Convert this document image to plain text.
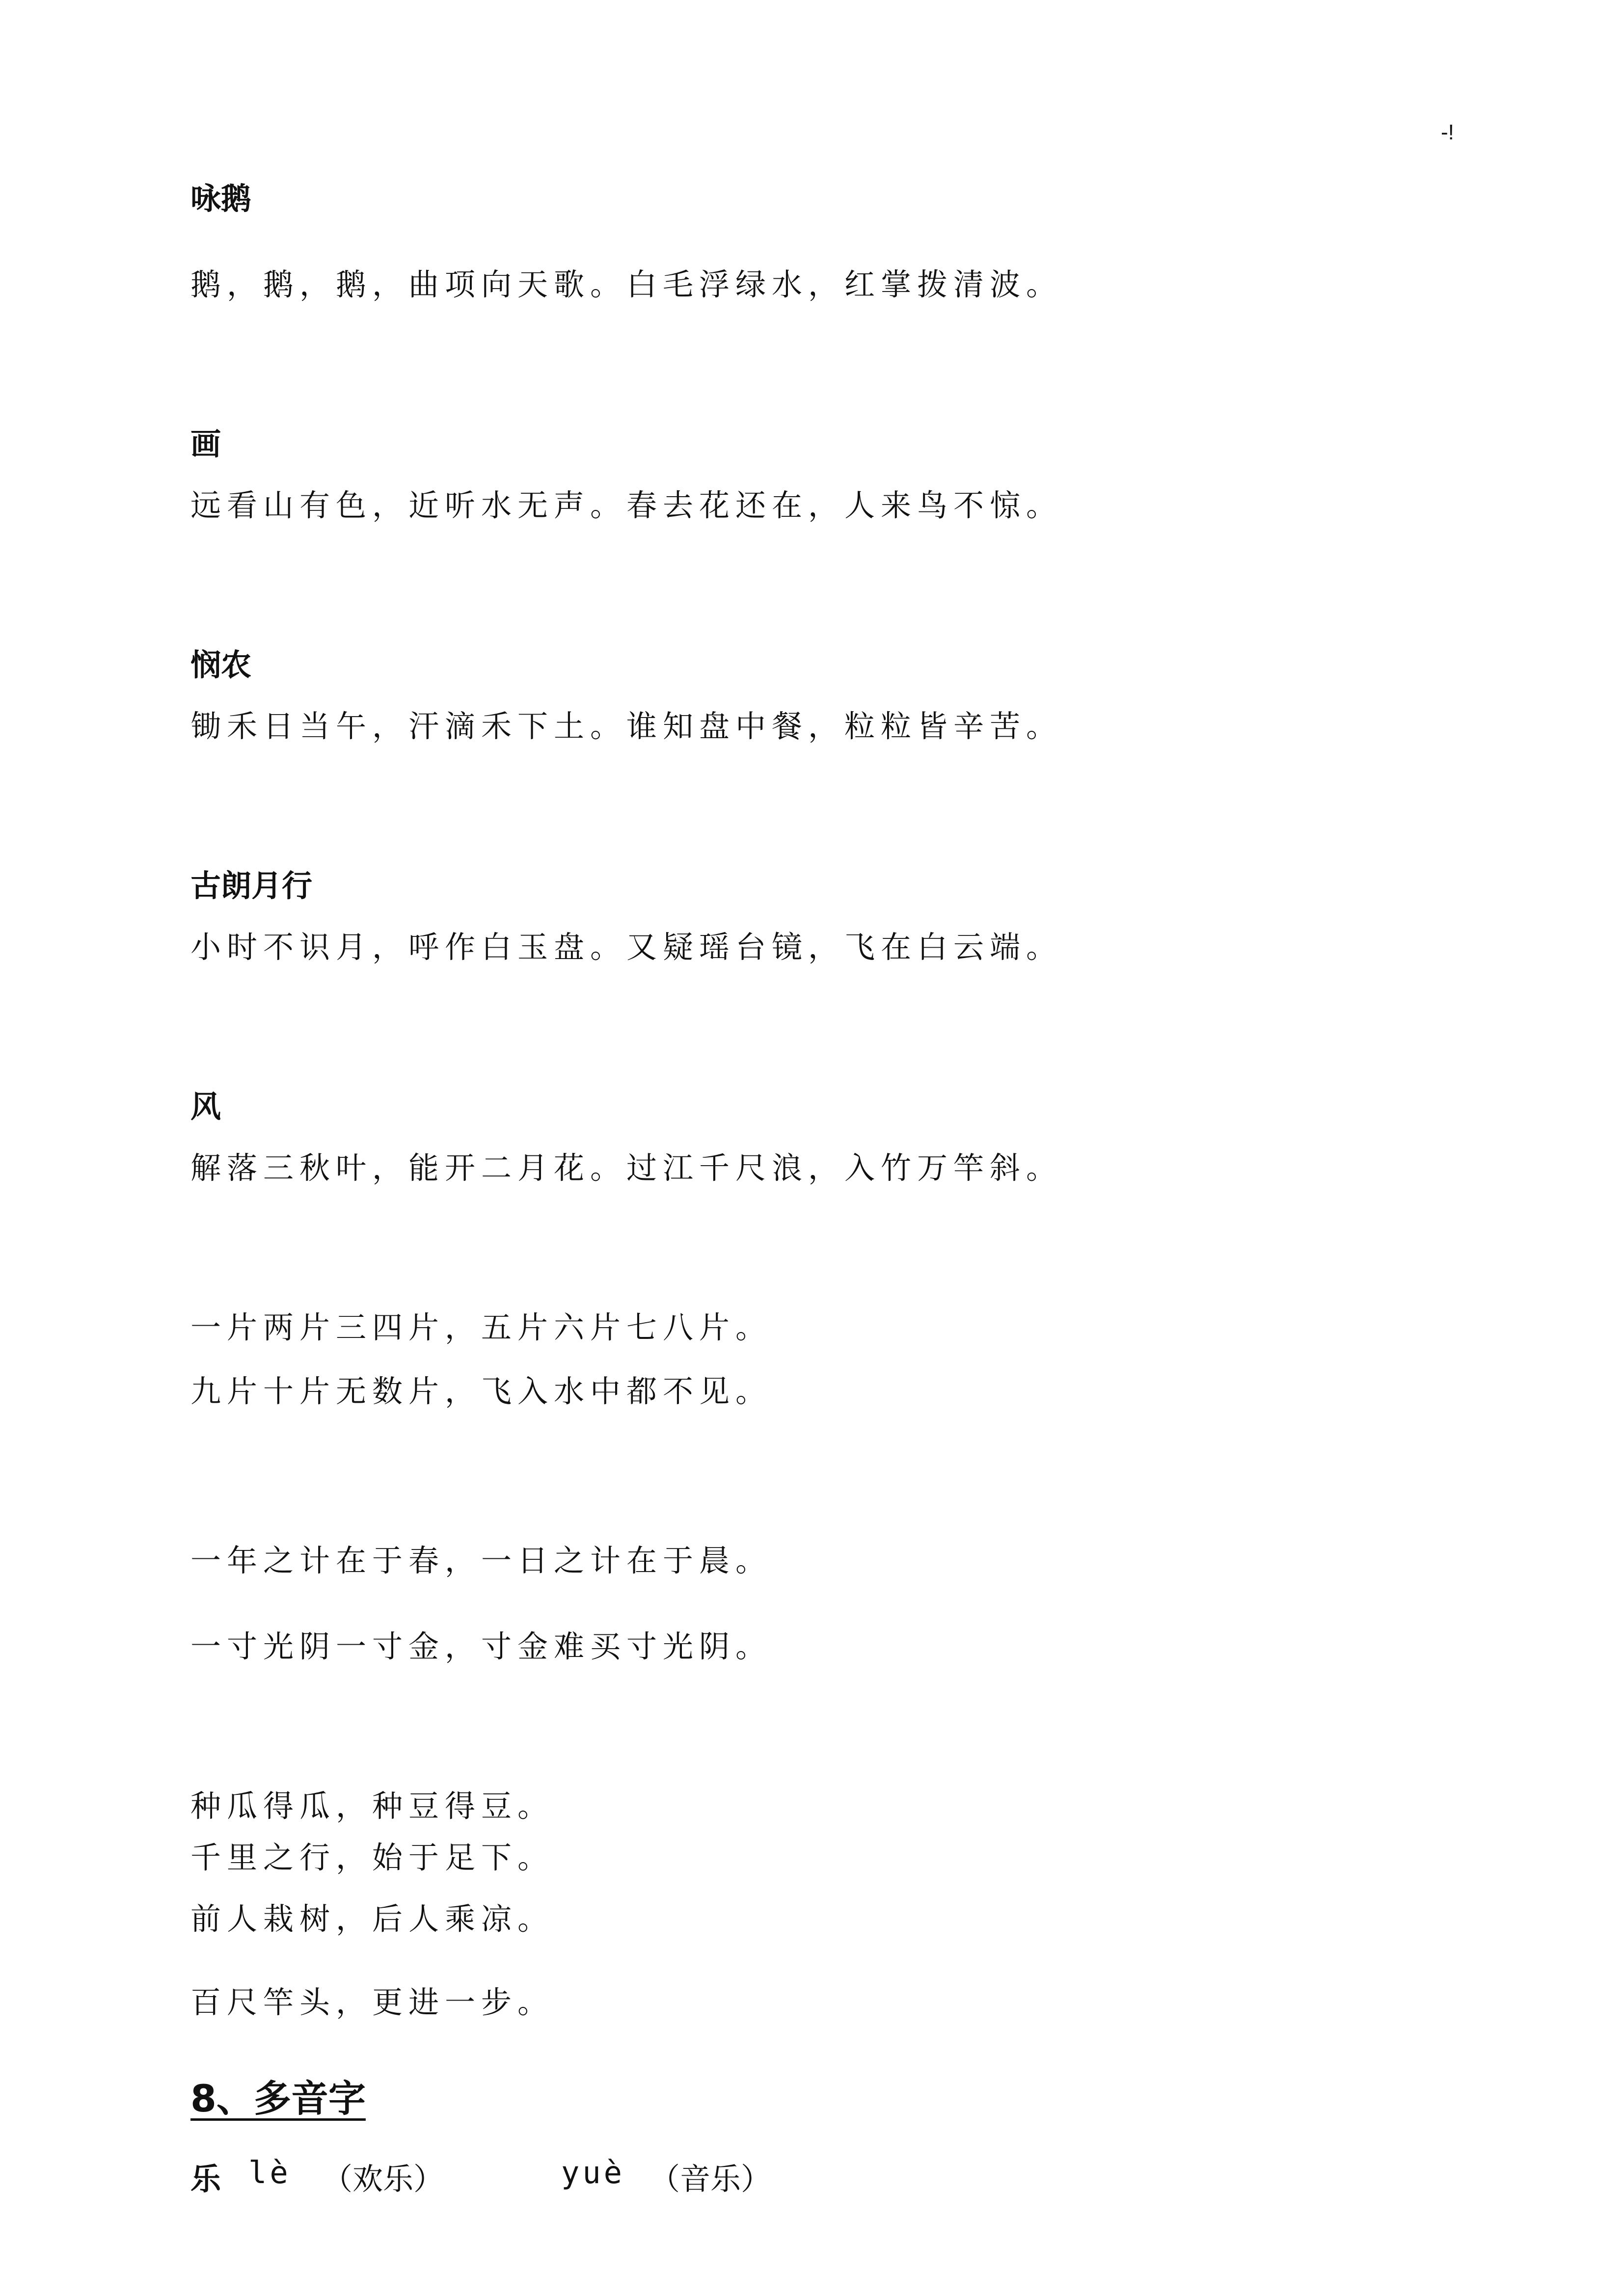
-!
咏鹅
鹅，鹅，鹅，曲项向天歌。白毛浮绿水，红掌拨清波。
画
远看山有色，近听水无声。春去花还在，人来鸟不惊。
悯农
锄禾日当午，汗滴禾下土。谁知盘中餐，粒粒皆辛苦。
古朗月行
小时不识月，呼作白玉盘。又疑瑶台镜，飞在白云端。
风
解落三秋叶，能开二月花。过江千尺浪，入竹万竿斜。
一片两片三四片，五片六片七八片。
九片十片无数片，飞入水中都不见。
一年之计在于春，一日之计在于晨。
一寸光阴一寸金，寸金难买寸光阴。
种瓜得瓜，种豆得豆。
千里之行，始于足下。
前人栽树，后人乘凉。
百尺竿头，更进一步。
8、多音字
乐 lè （欢乐）	yuè （音乐）
